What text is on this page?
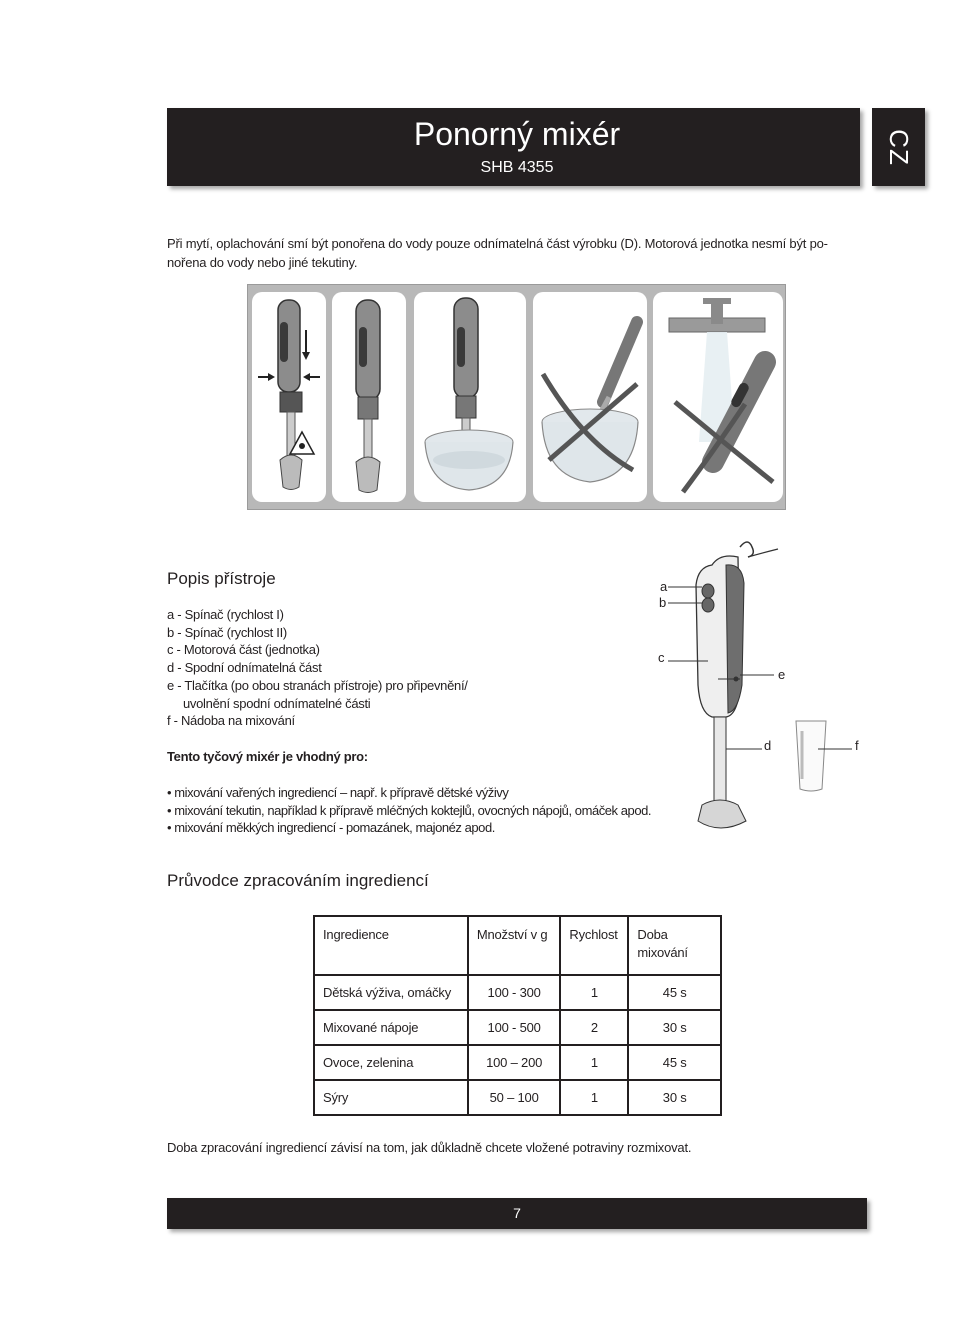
Ponorný mixér
SHB 4355
CZ
Při mytí, oplachování smí být ponořena do vody pouze odnímatelná část výrobku (D). Motorová jednotka nesmí být po-
nořena do vody nebo jiné tekutiny.
Popis přístroje
a - Spínač (rychlost I)
b - Spínač (rychlost II)
c - Motorová část (jednotka)
d - Spodní odnímatelná část
e - Tlačítka (po obou stranách přístroje) pro připevnění/
uvolnění spodní odnímatelné části
f - Nádoba na mixování
Tento tyčový mixér je vhodný pro:
• mixování vařených ingrediencí – např. k přípravě dětské výživy
• mixování tekutin, například k přípravě mléčných koktejlů, ovocných nápojů, omáček apod.
• mixování měkkých ingrediencí - pomazánek, majonéz apod.
a
b
c
e
d	f
Průvodce zpracováním ingrediencí
Ingredience	Množství v g	Rychlost	Doba
mixování
Dětská výživa, omáčky	100 - 300	1	45 s
Mixované nápoje	100 - 500	2	30 s
Ovoce, zelenina	100 – 200	1	45 s
Sýry	50 – 100	1	30 s
Doba zpracování ingrediencí závisí na tom, jak důkladně chcete vložené potraviny rozmixovat.
7
